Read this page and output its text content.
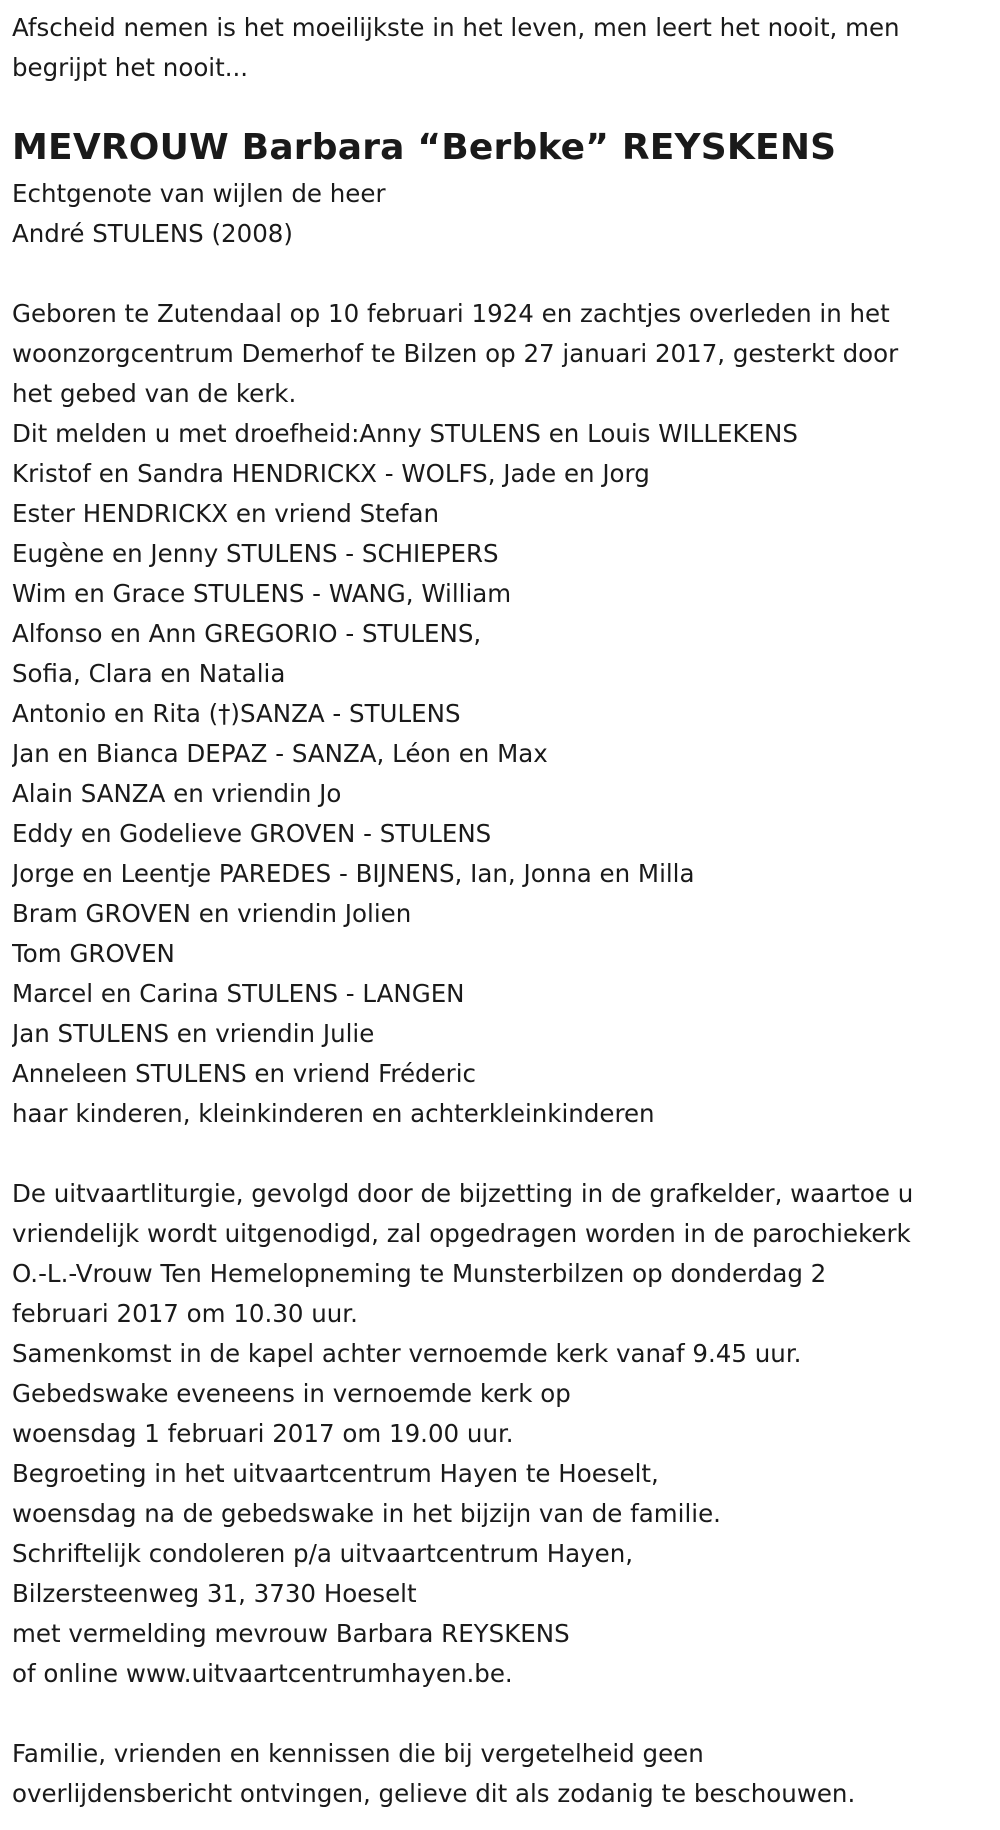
Afscheid nemen is het moeilijkste in het leven, men leert het nooit, men
begrijpt het nooit...
MEVROUW Barbara “Berbke” REYSKENS
Echtgenote van wijlen de heer
André STULENS (2008)
Geboren te Zutendaal op 10 februari 1924 en zachtjes overleden in het
woonzorgcentrum Demerhof te Bilzen op 27 januari 2017, gesterkt door
het gebed van de kerk.
Dit melden u met droefheid:Anny STULENS en Louis WILLEKENS
Kristof en Sandra HENDRICKX - WOLFS, Jade en Jorg
Ester HENDRICKX en vriend Stefan
Eugène en Jenny STULENS - SCHIEPERS
Wim en Grace STULENS - WANG, William
Alfonso en Ann GREGORIO - STULENS,
Sofia, Clara en Natalia
Antonio en Rita (†)SANZA - STULENS
Jan en Bianca DEPAZ - SANZA, Léon en Max
Alain SANZA en vriendin Jo
Eddy en Godelieve GROVEN - STULENS
Jorge en Leentje PAREDES - BIJNENS, Ian, Jonna en Milla
Bram GROVEN en vriendin Jolien
Tom GROVEN
Marcel en Carina STULENS - LANGEN
Jan STULENS en vriendin Julie
Anneleen STULENS en vriend Fréderic
haar kinderen, kleinkinderen en achterkleinkinderen
De uitvaartliturgie, gevolgd door de bijzetting in de grafkelder, waartoe u
vriendelijk wordt uitgenodigd, zal opgedragen worden in de parochiekerk
O.-L.-Vrouw Ten Hemelopneming te Munsterbilzen op donderdag 2
februari 2017 om 10.30 uur.
Samenkomst in de kapel achter vernoemde kerk vanaf 9.45 uur.
Gebedswake eveneens in vernoemde kerk op
woensdag 1 februari 2017 om 19.00 uur.
Begroeting in het uitvaartcentrum Hayen te Hoeselt,
woensdag na de gebedswake in het bijzijn van de familie.
Schriftelijk condoleren p/a uitvaartcentrum Hayen,
Bilzersteenweg 31, 3730 Hoeselt
met vermelding mevrouw Barbara REYSKENS
of online www.uitvaartcentrumhayen.be.
Familie, vrienden en kennissen die bij vergetelheid geen
overlijdensbericht ontvingen, gelieve dit als zodanig te beschouwen.
